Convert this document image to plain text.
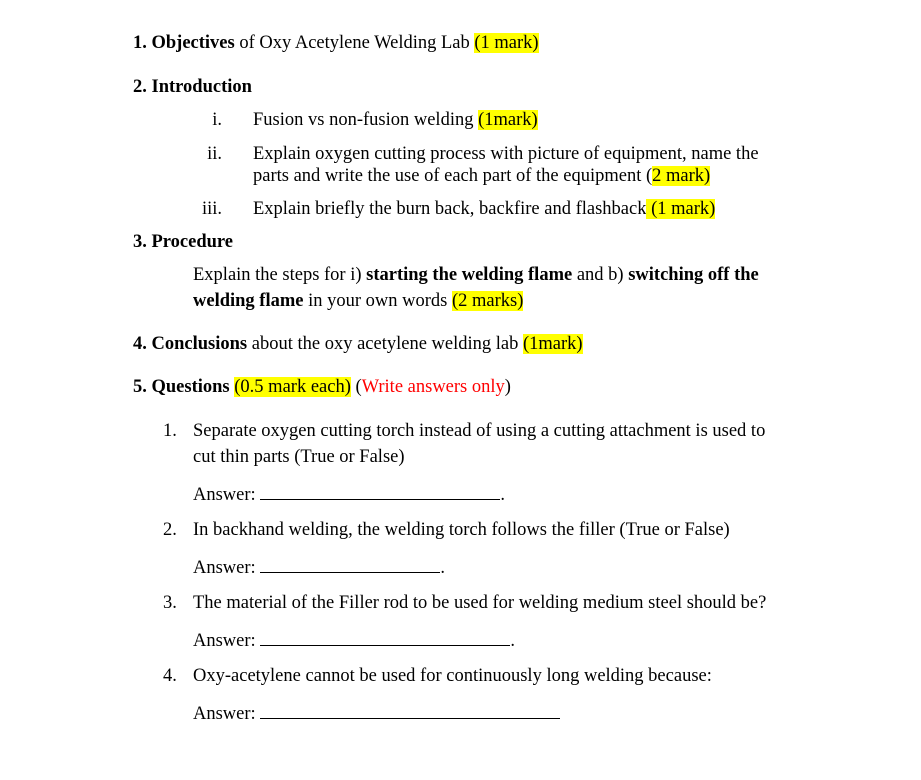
1. Objectives of Oxy Acetylene Welding Lab (1 mark)
2. Introduction
i. Fusion vs non-fusion welding (1mark)
ii. Explain oxygen cutting process with picture of equipment, name the
parts and write the use of each part of the equipment (2 mark)
iii. Explain briefly the burn back, backfire and flashback (1 mark)
3. Procedure
Explain the steps for i) starting the welding flame and b) switching off the
welding flame in your own words (2 marks)
4. Conclusions about the oxy acetylene welding lab (1mark)
5. Questions (0.5 mark each) (Write answers only)
1. Separate oxygen cutting torch instead of using a cutting attachment is used to
cut thin parts (True or False)
Answer:	.
2. In backhand welding, the welding torch follows the filler (True or False)
Answer:	.
3. The material of the Filler rod to be used for welding medium steel should be?
Answer:	.
4. Oxy-acetylene cannot be used for continuously long welding because:
Answer:
